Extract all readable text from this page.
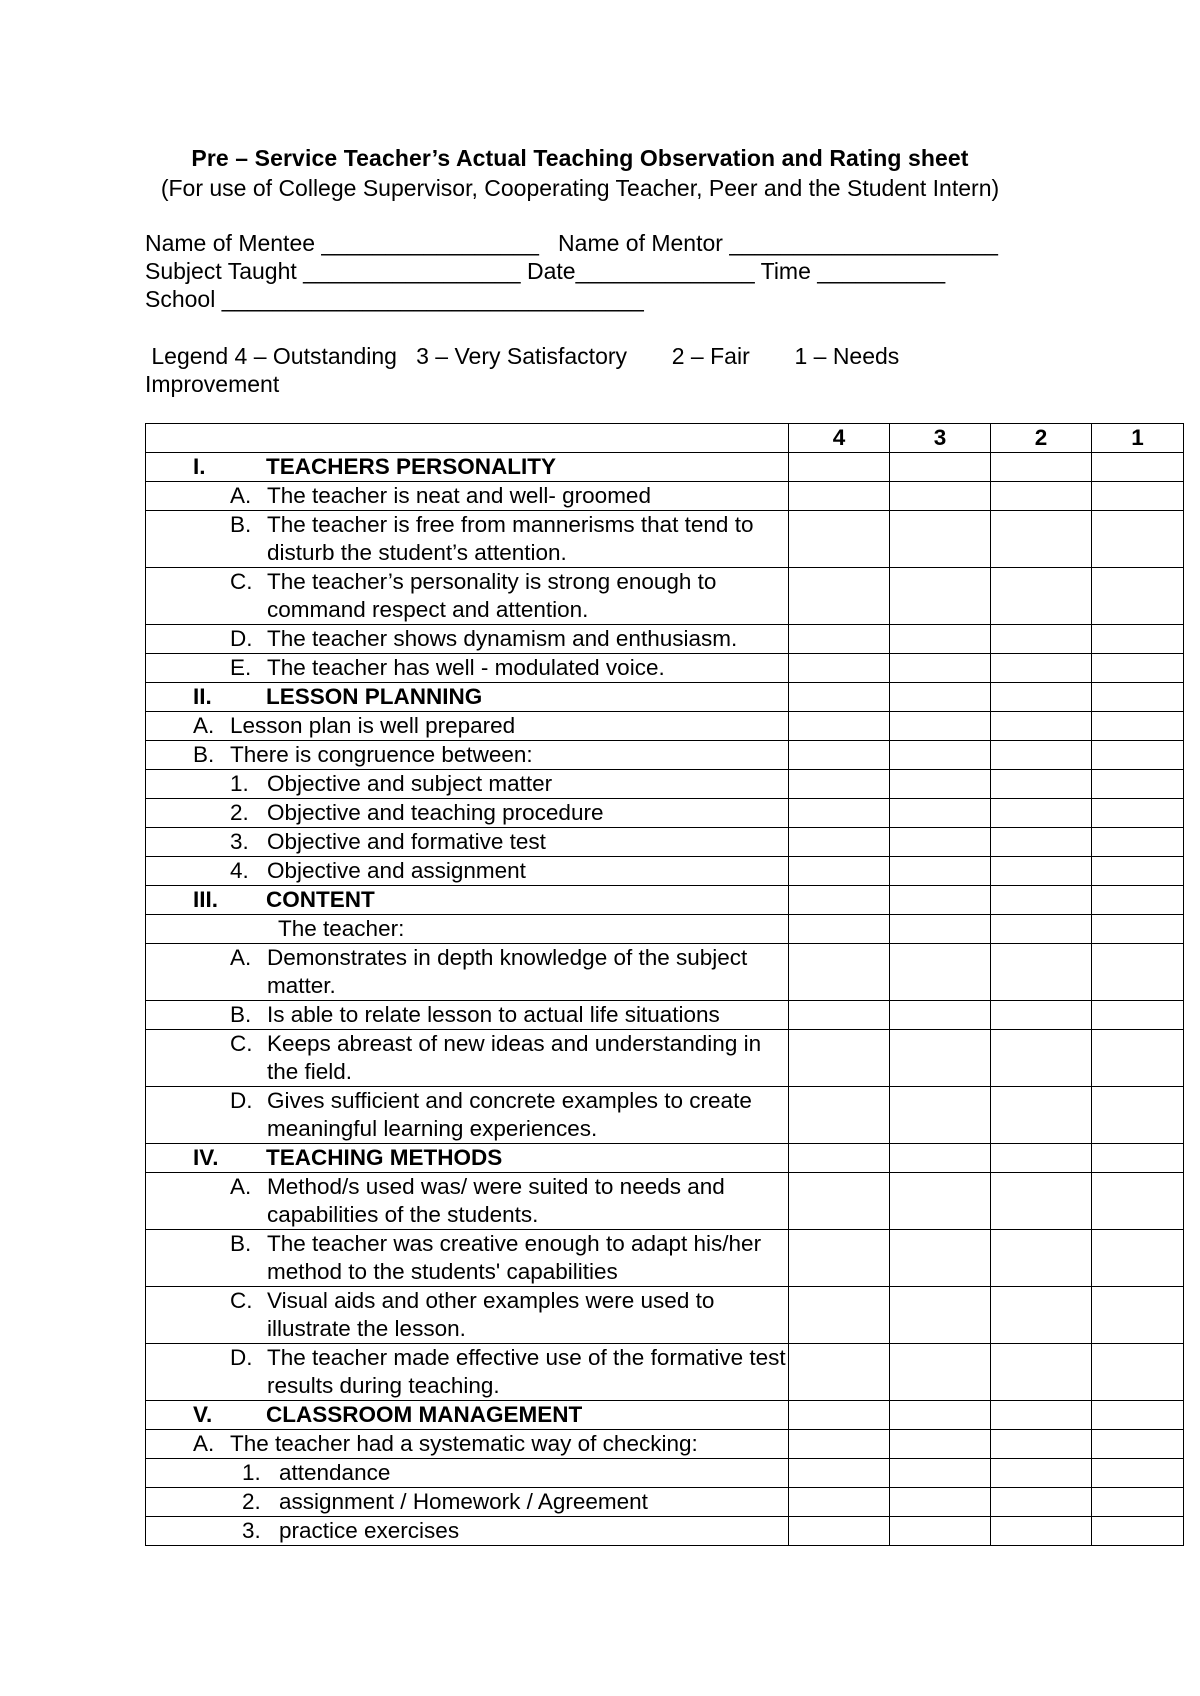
Pre – Service Teacher’s Actual Teaching Observation and Rating sheet
(For use of College Supervisor, Cooperating Teacher, Peer and the Student Intern)
Name of Mentee _________________   Name of Mentor _____________________
Subject Taught _________________ Date______________ Time __________
School _________________________________
Legend 4 – Outstanding   3 – Very Satisfactory       2 – Fair       1 – Needs Improvement
	4	3	2	1

I. TEACHERS PERSONALITY				

A. The teacher is neat and well- groomed				

B. The teacher is free from mannerisms that tend to disturb the student’s attention.				

C. The teacher’s personality is strong enough to command respect and attention.				

D. The teacher shows dynamism and enthusiasm.				

E. The teacher has well - modulated voice.				

II. LESSON PLANNING				

A. Lesson plan is well prepared				

B. There is congruence between:				

1. Objective and subject matter				

2. Objective and teaching procedure				

3. Objective and formative test				

4. Objective and assignment				

III. CONTENT				

The teacher:				

A. Demonstrates in depth knowledge of the subject matter.				

B. Is able to relate lesson to actual life situations				

C. Keeps abreast of new ideas and understanding in the field.				

D. Gives sufficient and concrete examples to create meaningful learning experiences.				

IV. TEACHING METHODS				

A. Method/s used was/ were suited to needs and capabilities of the students.				

B. The teacher was creative enough to adapt his/her method to the students' capabilities				

C. Visual aids and other examples were used to illustrate the lesson.				

D. The teacher made effective use of the formative test results during teaching.				

V. CLASSROOM MANAGEMENT				

A. The teacher had a systematic way of checking:				

1. attendance				

2. assignment / Homework / Agreement				

3. practice exercises				
